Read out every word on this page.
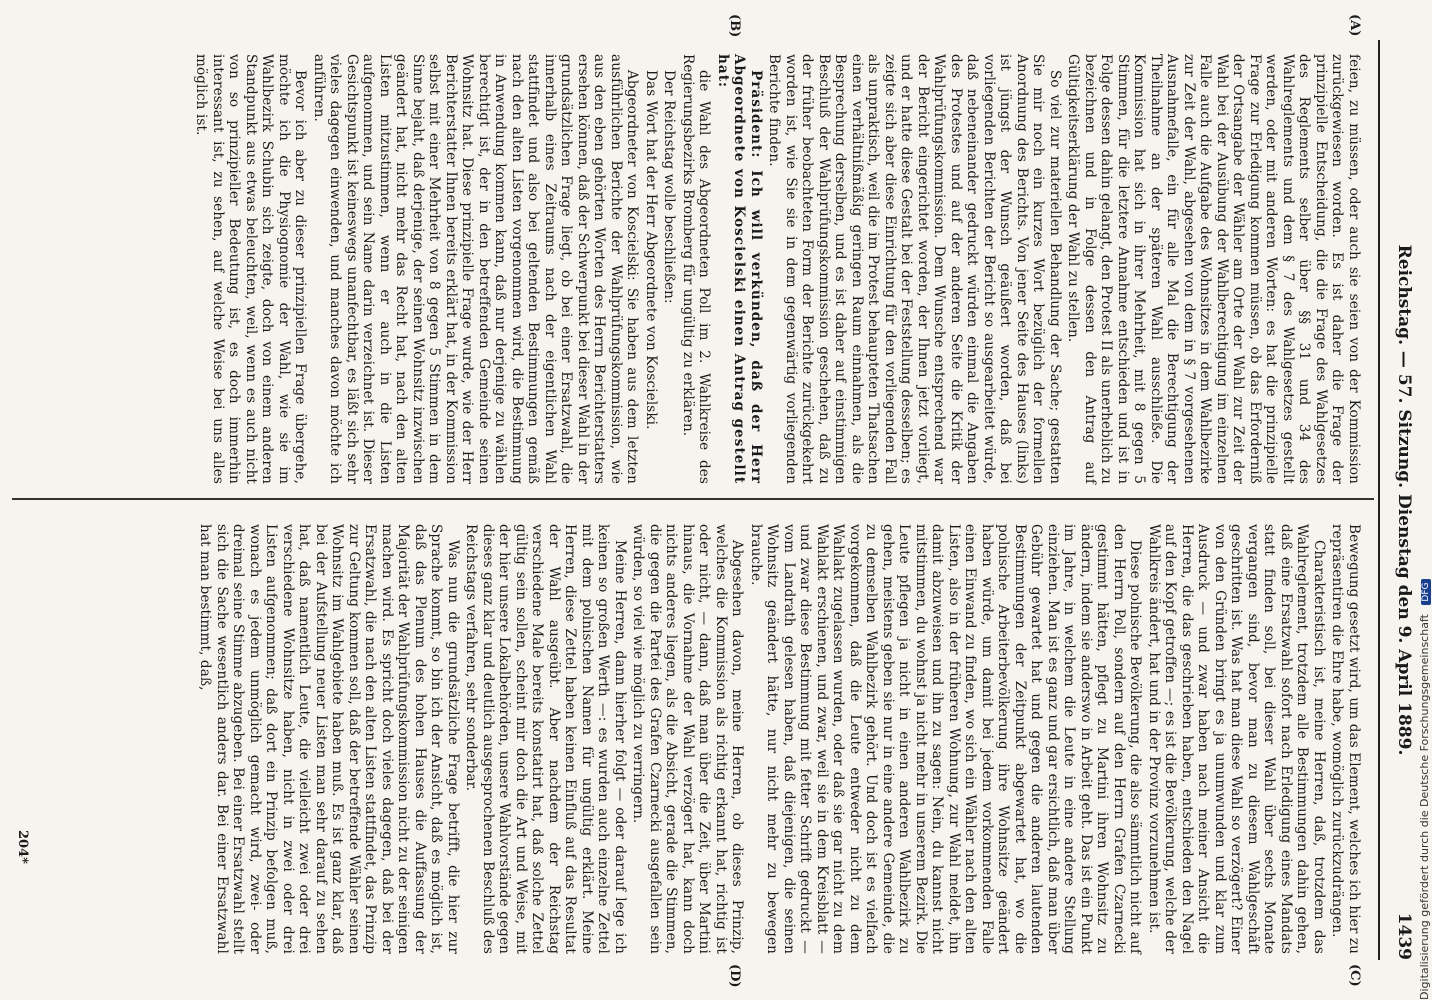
Reichstag. — 57. Sitzung. Dienstag den 9. April 1889.
1439
(A)
(B)
(C)
(D)

feien, zu müssen, oder auch sie seien von der Kommission zurückgewiesen worden. Es ist daher die Frage der prinzipielle Entscheidung, die die Frage des Wahlgesetzes des Reglements selber über §§ 31 und 34 des Wahlreglements und dem § 7 des Wahlgesetzes gestellt werden, oder mit anderen Worten: es hat die prinzipielle Frage zur Erledigung kommen müssen, ob das Erforderniß der Ortsangabe der Wähler am Orte der Wahl zur Zeit der Wahl bei der Ausübung der Wahlberechtigung im einzelnen Falle auch die Aufgabe des Wohnsitzes in dem Wahlbezirke zur Zeit der Wahl, abgesehen von dem in § 7 vorgesehenen Ausnahmefalle, ein für alle Mal die Berechtigung der Theilnahme an der späteren Wahl ausschließe. Die Kommission hat sich in ihrer Mehrheit, mit 8 gegen 5 Stimmen, für die letztere Annahme entschieden und ist in Folge dessen dahin gelangt, den Protest II als unerheblich zu bezeichnen und in Folge dessen den Antrag auf Gültigkeitserklärung der Wahl zu stellen.

So viel zur materiellen Behandlung der Sache; gestatten Sie mir noch ein kurzes Wort bezüglich der formellen Anordnung des Berichts. Von jener Seite des Hauses (links) ist jüngst der Wunsch geäußert worden, daß bei vorliegenden Berichten der Bericht so ausgearbeitet würde, daß nebeneinander gedruckt würden einmal die Angaben des Protestes und auf der anderen Seite die Kritik der Wahlprüfungskommission. Dem Wunsche entsprechend war der Bericht eingerichtet worden, der Ihnen jetzt vorliegt, und er hatte diese Gestalt bei der Feststellung desselben; es zeigte sich aber diese Einrichtung für den vorliegenden Fall als unpraktisch, weil die im Protest behaupteten Thatsachen einen verhältnißmäßig geringen Raum einnahmen, als die Besprechung derselben, und es ist daher auf einstimmigen Beschluß der Wahlprüfungskommission geschehen, daß zu der früher beobachteten Form der Berichte zurückgekehrt worden ist, wie Sie sie in dem gegenwärtig vorliegenden Berichte finden.

Präsident: Ich will verkünden, daß der Herr Abgeordnete von Koscielski einen Antrag gestellt hat:

die Wahl des Abgeordneten Poll im 2. Wahlkreise des Regierungsbezirks Bromberg für ungültig zu erklären.

Der Reichstag wolle beschließen:

Das Wort hat der Herr Abgeordnete von Koscielski.

Abgeordneter von Koscielski: Sie haben aus dem letzten ausführlichen Berichte der Wahlprüfungskommission, wie aus den eben gehörten Worten des Herrn Berichterstatters ersehen können, daß der Schwerpunkt bei dieser Wahl in der grundsätzlichen Frage liegt, ob bei einer Ersatzwahl, die innerhalb eines Zeitraums nach der eigentlichen Wahl stattfindet und also bei geltenden Bestimmungen gemäß nach den alten Listen vorgenommen wird, die Bestimmung in Anwendung kommen kann, daß nur derjenige zu wählen berechtigt ist, der in den betreffenden Gemeinde seinen Wohnsitz hat. Diese prinzipielle Frage wurde, wie der Herr Berichterstatter Ihnen bereits erklärt hat, in der Kommission selbst mit einer Mehrheit von 8 gegen 5 Stimmen in dem Sinne bejaht, daß derjenige, der seinen Wohnsitz inzwischen geändert hat, nicht mehr das Recht hat, nach den alten Listen mitzustimmen, wenn er auch in die Listen aufgenommen, und sein Name darin verzeichnet ist. Dieser Gesichtspunkt ist keineswegs unanfechtbar, es läßt sich sehr vieles dagegen einwenden, und manches davon möchte ich anführen.

Bevor ich aber zu dieser prinzipiellen Frage übergehe, möchte ich die Physiognomie der Wahl, wie sie im Wahlbezirk Schubin sich zeigte, doch von einem anderen Standpunkt aus etwas beleuchten, weil, wenn es auch nicht von so prinzipieller Bedeutung ist, es doch immerhin interessant ist, zu sehen, auf welche Weise bei uns alles möglich ist.

Bewegung gesetzt wird, um das Element, welches ich hier zu repräsentiren die Ehre habe, womöglich zurückzudrängen.

Charakteristisch ist, meine Herren, daß, trotzdem das Wahlreglement, trotzdem alle Bestimmungen dahin gehen, daß eine Ersatzwahl sofort nach Erledigung eines Mandats statt finden soll, bei dieser Wahl über sechs Monate vergangen sind, bevor man zu diesem Wahlgeschäft geschritten ist. Was hat man diese Wahl so verzögert? Einer von den Gründen bringt es ja unumwunden und klar zum Ausdruck — und zwar haben nach meiner Ansicht die Herren, die das geschrieben haben, entschieden den Nagel auf den Kopf getroffen —; es ist die Bevölkerung, welche der Wahlkreis ändert, hat und in der Provinz vorzunehmen ist.

Diese polnische Bevölkerung, die also sämmtlich nicht auf den Herrn Poll, sondern auf den Herrn Grafen Czarnecki gestimmt hätten, pflegt zu Martini ihren Wohnsitz zu ändern, indem sie anderswo in Arbeit geht. Das ist ein Punkt im Jahre, in welchem die Leute in eine andere Stellung einziehen. Man ist es ganz und gar ersichtlich, daß man über Gebühr gewartet hat und gegen die anderen lautenden Bestimmungen der Zeitpunkt abgewartet hat, wo die polnische Arbeiterbevölkerung ihre Wohnsitze geändert haben würde, um damit bei jedem vorkommenden Falle einen Einwand zu finden, wo sich ein Wähler nach den alten Listen, also in der früheren Wohnung, zur Wahl meldet, ihn damit abzuweisen und ihn zu sagen: Nein, du kannst nicht mitstimmen, du wohnst ja nicht mehr in unserem Bezirk. Die Leute pflegen ja nicht in einen anderen Wahlbezirk zu gehen, meistens geben sie nur in eine andere Gemeinde, die zu demselben Wahlbezirk gehört. Und doch ist es vielfach vorgekommen, daß die Leute entweder nicht zu dem Wahlakt zugelassen wurden, oder daß sie gar nicht zu dem Wahlakt erschienen, und zwar, weil sie in dem Kreisblatt — und zwar diese Bestimmung mit fetter Schrift gedruckt — vom Landrath gelesen haben, daß diejenigen, die seinen Wohnsitz geändert hätte, nur nicht mehr zu bewegen brauche.

Abgesehen davon, meine Herren, ob dieses Prinzip, welches die Kommission als richtig erkannt hat, richtig ist oder nicht, — dann, daß man über die Zeit, über Martini hinaus, die Vornahme der Wahl verzögert hat, kann doch nichts anderes liegen, als die Absicht, gerade die Stimmen, die gegen die Partei des Grafen Czarnecki ausgefallen sein würden, so viel wie möglich zu verringern.

Meine Herren, dann hierher folgt — oder darauf lege ich keinen so großen Werth —: es wurden auch einzelne Zettel mit dem polnischen Namen für ungültig erklärt. Meine Herren, diese Zettel haben keinen Einfluß auf das Resultat der Wahl ausgeübt. Aber nachdem der Reichstag verschiedene Male bereits konstatirt hat, daß solche Zettel gültig sein sollen, scheint mir doch die Art und Weise, mit der hier unsere Lokalbehörden, unsere Wahlvorstände gegen dieses ganz klar und deutlich ausgesprochenen Beschluß des Reichstags verfahren, sehr sonderbar.

Was nun die grundsätzliche Frage betrifft, die hier zur Sprache kommt, so bin ich der Ansicht, daß es möglich ist, daß das Plenum des hohen Hauses die Auffassung der Majorität der Wahlprüfungskommission nicht zu der seinigen machen wird. Es spricht doch vieles dagegen, daß bei der Ersatzwahl, die nach den alten Listen stattfindet, das Prinzip zur Geltung kommen soll, daß der betreffende Wähler seinen Wohnsitz im Wahlgebiete haben muß. Es ist ganz klar, daß bei der Aufstellung neuer Listen man sehr darauf zu sehen hat, daß namentlich Leute, die vielleicht zwei oder drei verschiedene Wohnsitze haben, nicht in zwei oder drei Listen aufgenommen; daß dort ein Prinzip befolgen muß, wonach es jedem unmöglich gemacht wird, zwei- oder dreimal seine Stimme abzugeben. Bei einer Ersatzwahl stellt sich die Sache wesentlich anders dar. Bei einer Ersatzwahl hat man bestimmt, daß,

204*	Digitalisierung gefördert durch die Deutsche Forschungsgemeinschaft DFG
